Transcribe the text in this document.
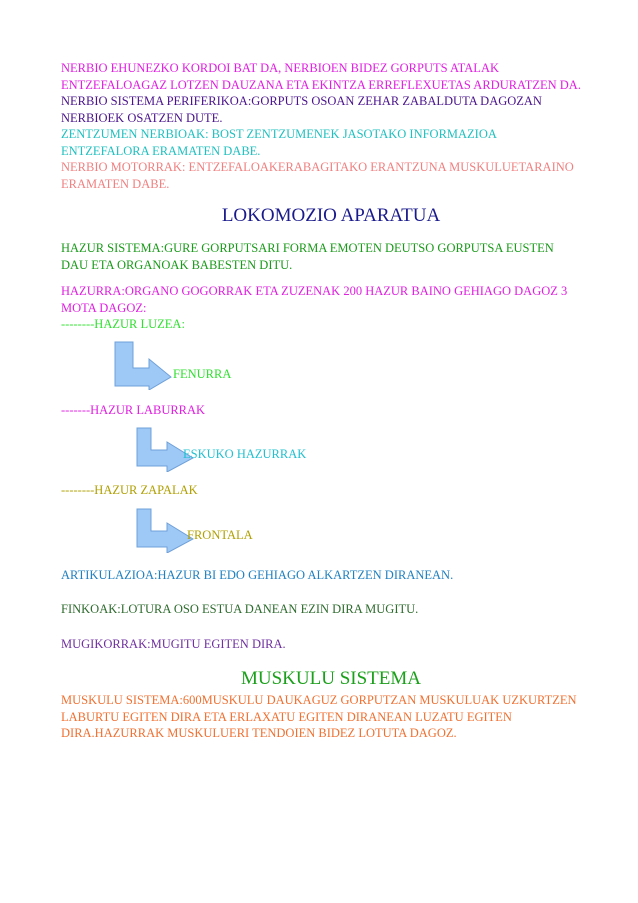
NERBIO EHUNEZKO KORDOI BAT DA, NERBIOEN BIDEZ GORPUTS ATALAK ENTZEFALOAGAZ LOTZEN DAUZANA ETA EKINTZA ERREFLEXUETAS ARDURATZEN DA.

NERBIO SISTEMA PERIFERIKOA:GORPUTS OSOAN ZEHAR ZABALDUTA DAGOZAN NERBIOEK OSATZEN DUTE.

ZENTZUMEN NERBIOAK: BOST ZENTZUMENEK JASOTAKO INFORMAZIOA ENTZEFALORA ERAMATEN DABE.

NERBIO MOTORRAK: ENTZEFALOAKERABAGITAKO ERANTZUNA MUSKULUETARAINO ERAMATEN DABE.

LOKOMOZIO APARATUA

HAZUR SISTEMA:GURE GORPUTSARI FORMA EMOTEN DEUTSO GORPUTSA EUSTEN DAU ETA ORGANOAK BABESTEN DITU.

HAZURRA:ORGANO GOGORRAK ETA ZUZENAK 200 HAZUR BAINO GEHIAGO DAGOZ 3 MOTA DAGOZ:

--------HAZUR LUZEA:

FENURRA

-------HAZUR LABURRAK

ESKUKO HAZURRAK

--------HAZUR ZAPALAK

FRONTALA

ARTIKULAZIOA:HAZUR BI EDO GEHIAGO ALKARTZEN DIRANEAN.

FINKOAK:LOTURA OSO ESTUA DANEAN EZIN DIRA MUGITU.

MUGIKORRAK:MUGITU EGITEN DIRA.

MUSKULU SISTEMA

MUSKULU SISTEMA:600MUSKULU DAUKAGUZ GORPUTZAN MUSKULUAK UZKURTZEN LABURTU EGITEN DIRA ETA ERLAXATU EGITEN DIRANEAN LUZATU EGITEN DIRA.HAZURRAK MUSKULUERI TENDOIEN BIDEZ LOTUTA DAGOZ.
